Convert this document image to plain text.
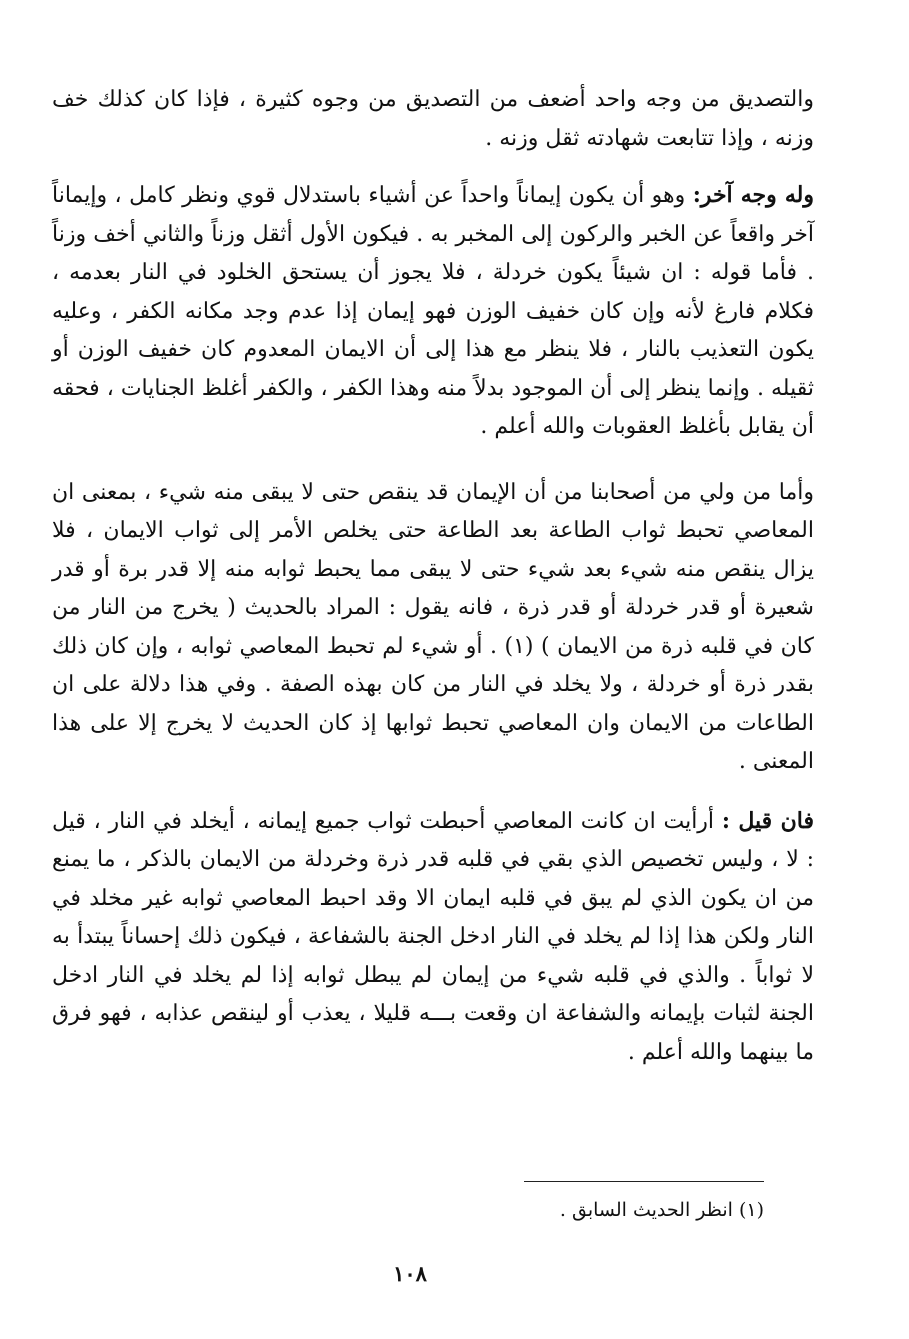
والتصديق من وجه واحد أضعف من التصديق من وجوه كثيرة ، فإذا كان كذلك خف وزنه ، وإذا تتابعت شهادته ثقل وزنه .

وله وجه آخر: وهو أن يكون إيماناً واحداً عن أشياء باستدلال قوي ونظر كامل ، وإيماناً آخر واقعاً عن الخبر والركون إلى المخبر به . فيكون الأول أثقل وزناً والثاني أخف وزناً . فأما قوله : ان شيئاً يكون خردلة ، فلا يجوز أن يستحق الخلود في النار بعدمه ، فكلام فارغ لأنه وإن كان خفيف الوزن فهو إيمان إذا عدم وجد مكانه الكفر ، وعليه يكون التعذيب بالنار ، فلا ينظر مع هذا إلى أن الايمان المعدوم كان خفيف الوزن أو ثقيله . وإنما ينظر إلى أن الموجود بدلاً منه وهذا الكفر ، والكفر أغلظ الجنايات ، فحقه أن يقابل بأغلظ العقوبات والله أعلم .

وأما من ولي من أصحابنا من أن الإيمان قد ينقص حتى لا يبقى منه شيء ، بمعنى ان المعاصي تحبط ثواب الطاعة بعد الطاعة حتى يخلص الأمر إلى ثواب الايمان ، فلا يزال ينقص منه شيء بعد شيء حتى لا يبقى مما يحبط ثوابه منه إلا قدر برة أو قدر شعيرة أو قدر خردلة أو قدر ذرة ، فانه يقول : المراد بالحديث ( يخرج من النار من كان في قلبه ذرة من الايمان ) (١) . أو شيء لم تحبط المعاصي ثوابه ، وإن كان ذلك بقدر ذرة أو خردلة ، ولا يخلد في النار من كان بهذه الصفة . وفي هذا دلالة على ان الطاعات من الايمان وان المعاصي تحبط ثوابها إذ كان الحديث لا يخرج إلا على هذا المعنى .

فان قيل : أرأيت ان كانت المعاصي أحبطت ثواب جميع إيمانه ، أيخلد في النار ، قيل : لا ، وليس تخصيص الذي بقي في قلبه قدر ذرة وخردلة من الايمان بالذكر ، ما يمنع من ان يكون الذي لم يبق في قلبه ايمان الا وقد احبط المعاصي ثوابه غير مخلد في النار ولكن هذا إذا لم يخلد في النار ادخل الجنة بالشفاعة ، فيكون ذلك إحساناً يبتدأ به لا ثواباً . والذي في قلبه شيء من إيمان لم يبطل ثوابه إذا لم يخلد في النار ادخل الجنة لثبات بإيمانه والشفاعة ان وقعت بـــه قليلا ، يعذب أو لينقص عذابه ، فهو فرق ما بينهما والله أعلم .

(١) انظر الحديث السابق .
١٠٨
